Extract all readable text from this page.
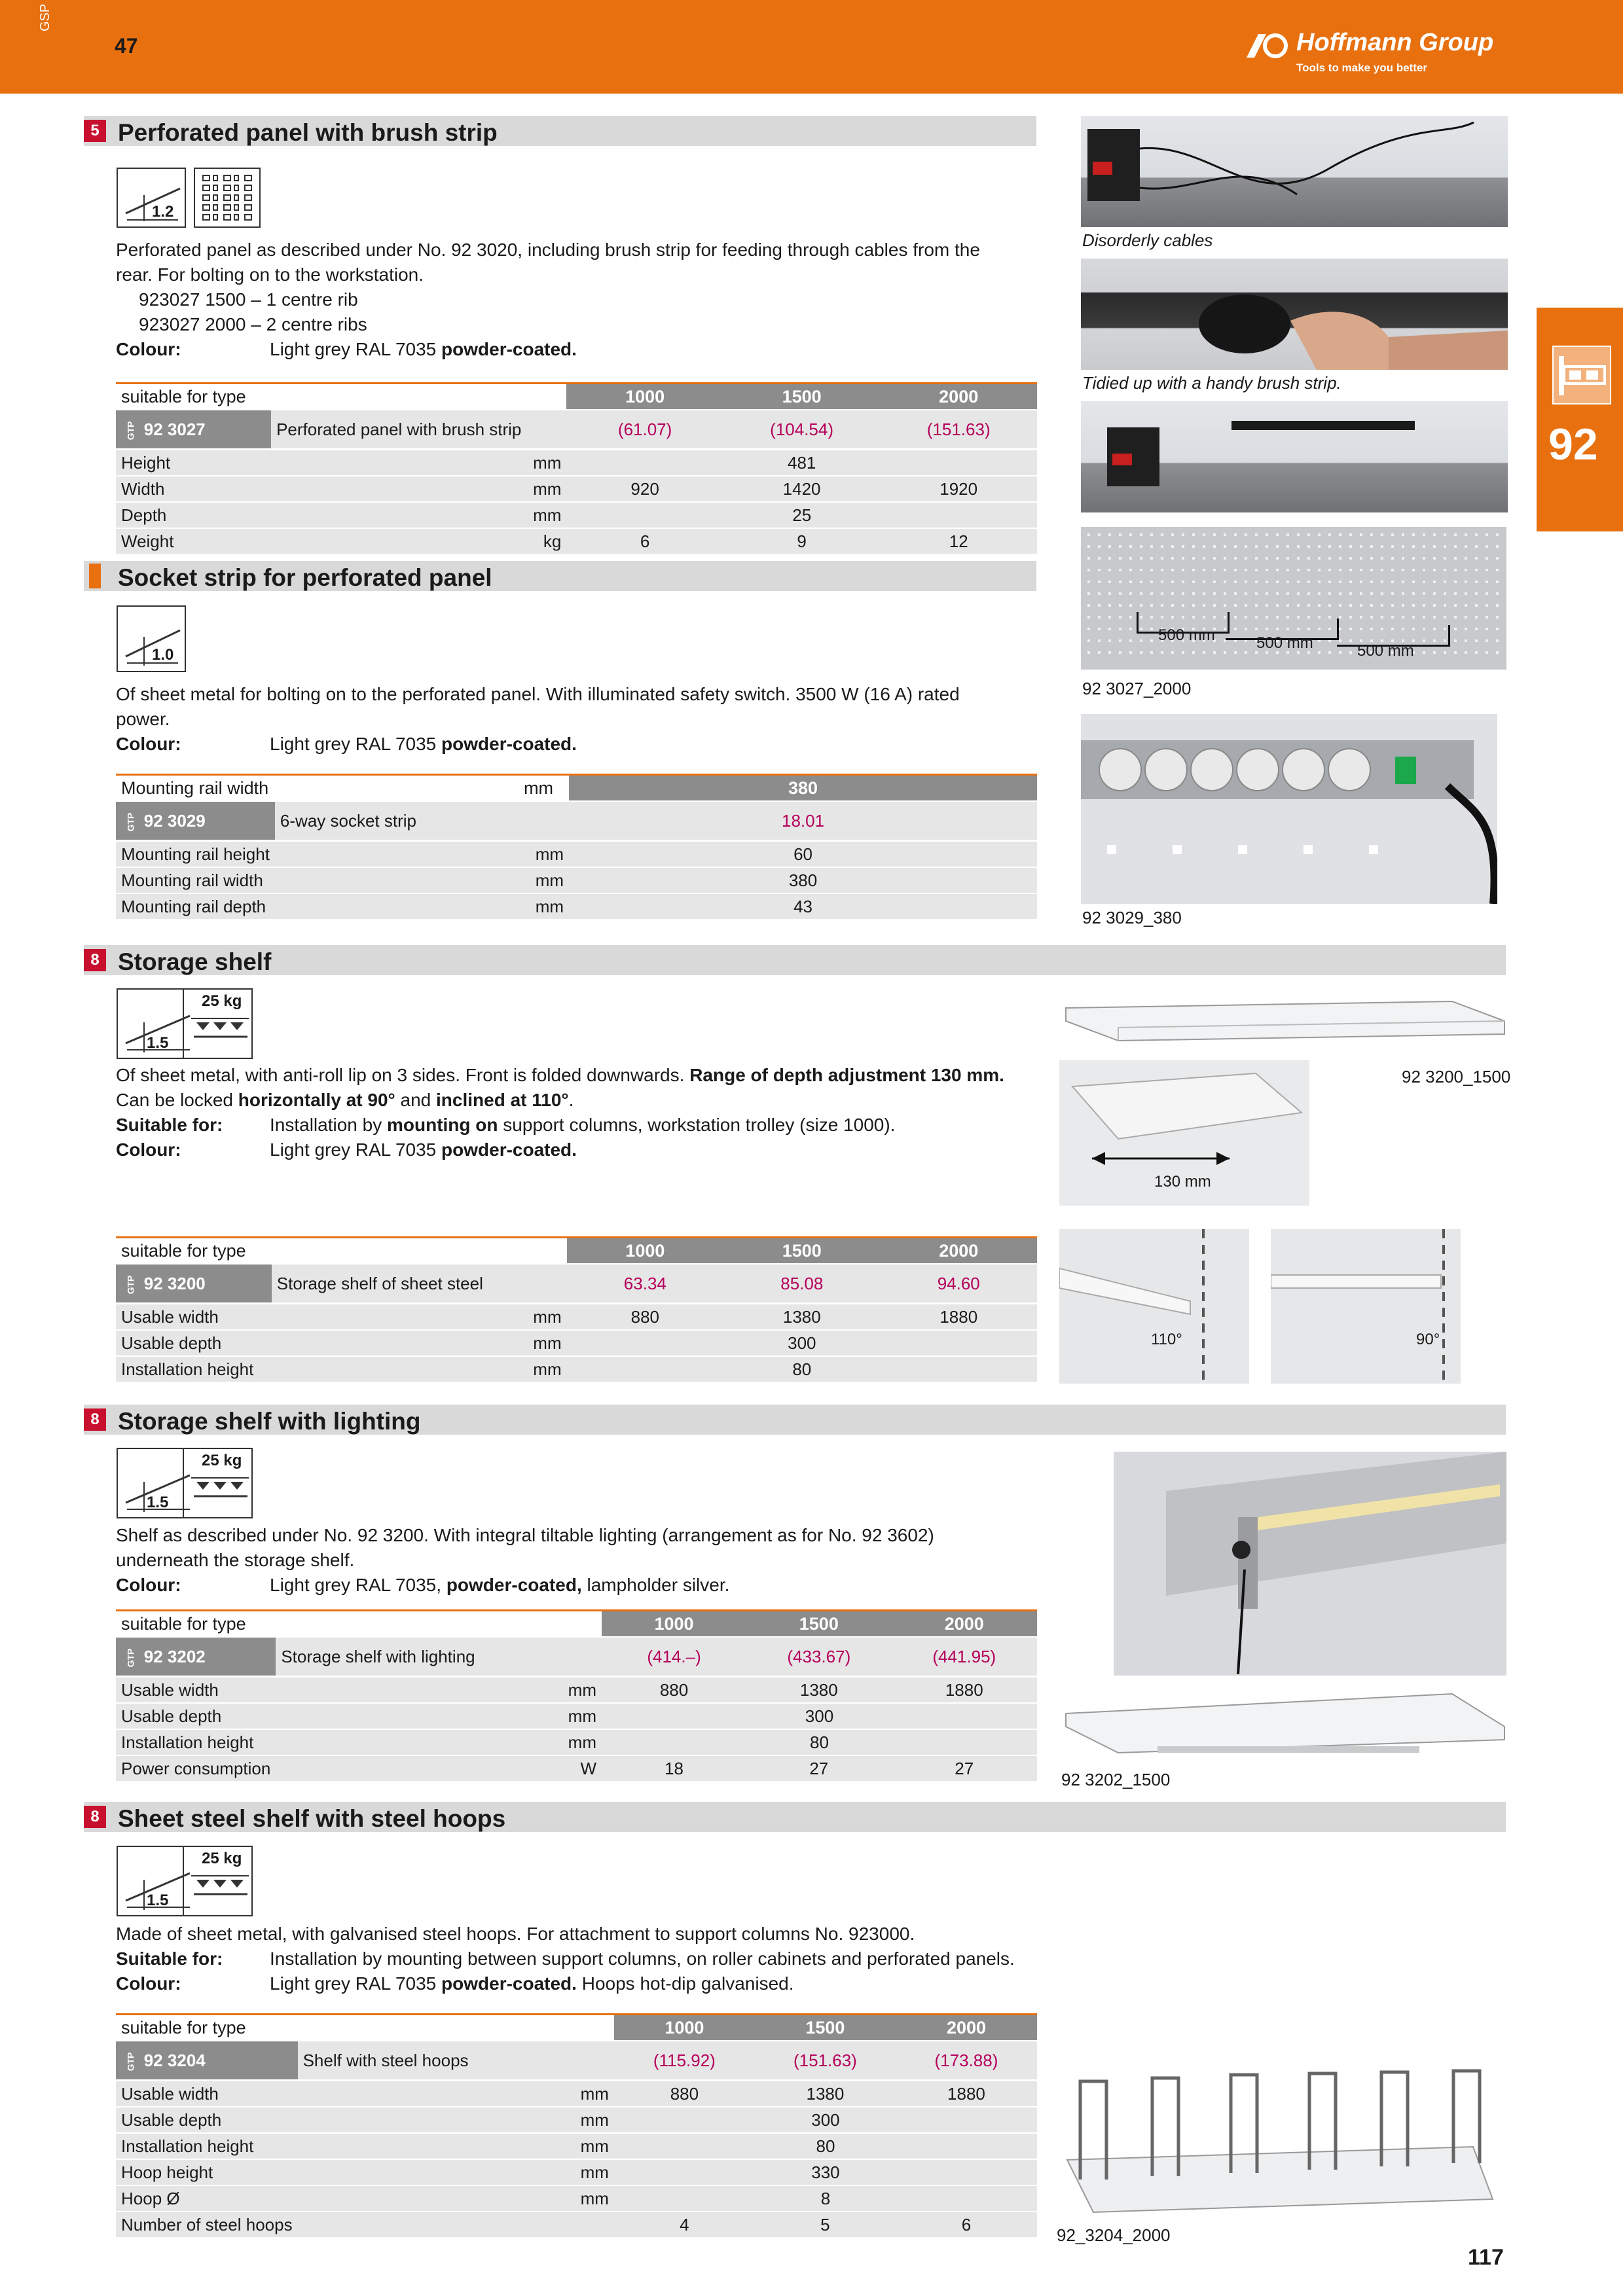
GSP
47	Hoffmann Group
Tools to make you better
92
5 Perforated panel with brush strip
1.2
Perforated panel as described under No. 92 3020, including brush strip for feeding through cables from the
rear. For bolting on to the workstation.
923027 1500 – 1 centre rib
923027 2000 – 2 centre ribs
Colour:	Light grey RAL 7035 powder-coated.
suitable for type			1000	1500	2000
GTP 92 3027	Perforated panel with brush strip		(61.07)	(104.54)	(151.63)
Height	mm		481		
Width	mm		920	1420	1920
Depth	mm		25		
Weight	kg		6	9	12
Socket strip for perforated panel
1.0
Of sheet metal for bolting on to the perforated panel. With illuminated safety switch. 3500 W (16 A) rated
power.
Colour:	Light grey RAL 7035 powder-coated.
Mounting rail width	mm		380
GTP 92 3029	6-way socket strip		18.01
Mounting rail height	mm		60
Mounting rail width	mm		380
Mounting rail depth	mm		43
8 Storage shelf
25 kg
1.5
Of sheet metal, with anti-roll lip on 3 sides. Front is folded downwards. Range of depth adjustment 130 mm.
Can be locked horizontally at 90° and inclined at 110°.
Suitable for:	Installation by mounting on support columns, workstation trolley (size 1000).
Colour:	Light grey RAL 7035 powder-coated.
suitable for type			1000	1500	2000
GTP 92 3200	Storage shelf of sheet steel		63.34	85.08	94.60
Usable width	mm		880	1380	1880
Usable depth	mm		300		
Installation height	mm		80		
8 Storage shelf with lighting
25 kg
1.5
Shelf as described under No. 92 3200. With integral tiltable lighting (arrangement as for No. 92 3602)
underneath the storage shelf.
Colour:	Light grey RAL 7035, powder-coated, lampholder silver.
suitable for type			1000	1500	2000
GTP 92 3202	Storage shelf with lighting		(414.–)	(433.67)	(441.95)
Usable width	mm		880	1380	1880
Usable depth	mm		300		
Installation height	mm		80		
Power consumption	W		18	27	27
8 Sheet steel shelf with steel hoops
25 kg
1.5
Made of sheet metal, with galvanised steel hoops. For attachment to support columns No. 923000.
Suitable for:	Installation by mounting between support columns, on roller cabinets and perforated panels.
Colour:	Light grey RAL 7035 powder-coated. Hoops hot-dip galvanised.
suitable for type			1000	1500	2000
GTP 92 3204	Shelf with steel hoops		(115.92)	(151.63)	(173.88)
Usable width	mm		880	1380	1880
Usable depth	mm		300		
Installation height	mm		80		
Hoop height	mm		330		
Hoop Ø	mm		8		
Number of steel hoops			4	5	6
Disorderly cables
Tidied up with a handy brush strip.
500 mm	500 mm	500 mm
92 3027_2000
92 3029_380
92 3200_1500
130 mm
110°	90°
92 3202_1500
92_3204_2000
117
